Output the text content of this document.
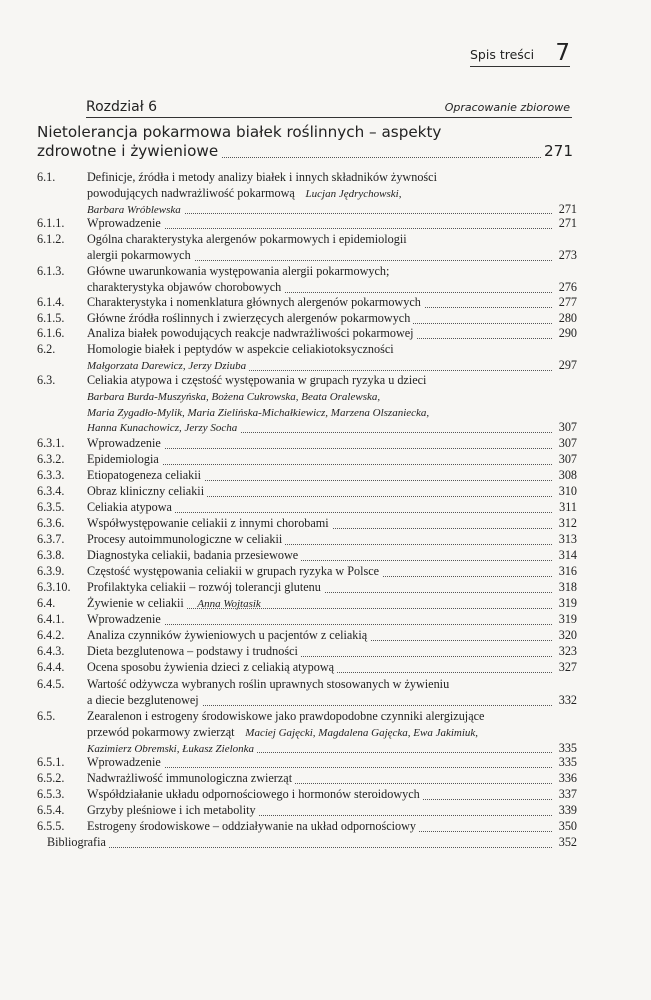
Spis treści 7
Rozdział 6	Opracowanie zbiorowe
Nietolerancja pokarmowa białek roślinnych – aspekty
zdrowotne i żywieniowe	271
6.1.	Definicje, źródła i metody analizy białek i innych składników żywności
powodujących nadwrażliwość pokarmową Lucjan Jędrychowski,
Barbara Wróblewska	271
6.1.1. Wprowadzenie	271
6.1.2. Ogólna charakterystyka alergenów pokarmowych i epidemiologii
alergii pokarmowych	273
6.1.3. Główne uwarunkowania występowania alergii pokarmowych;
charakterystyka objawów chorobowych	276
6.1.4. Charakterystyka i nomenklatura głównych alergenów pokarmowych	277
6.1.5. Główne źródła roślinnych i zwierzęcych alergenów pokarmowych	280
6.1.6. Analiza białek powodujących reakcje nadwrażliwości pokarmowej	290
6.2.	Homologie białek i peptydów w aspekcie celiakiotoksyczności
Małgorzata Darewicz, Jerzy Dziuba	297
6.3.	Celiakia atypowa i częstość występowania w grupach ryzyka u dzieci
Barbara Burda-Muszyńska, Bożena Cukrowska, Beata Oralewska,
Maria Zygadło-Mylik, Maria Zielińska-Michałkiewicz, Marzena Olszaniecka,
Hanna Kunachowicz, Jerzy Socha	307
6.3.1. Wprowadzenie	307
6.3.2. Epidemiologia	307
6.3.3. Etiopatogeneza celiakii	308
6.3.4. Obraz kliniczny celiakii	310
6.3.5. Celiakia atypowa	311
6.3.6. Współwystępowanie celiakii z innymi chorobami	312
6.3.7. Procesy autoimmunologiczne w celiakii	313
6.3.8. Diagnostyka celiakii, badania przesiewowe	314
6.3.9. Częstość występowania celiakii w grupach ryzyka w Polsce	316
6.3.10. Profilaktyka celiakii – rozwój tolerancji glutenu	318
6.4.	Żywienie w celiakii Anna Wojtasik	319
6.4.1. Wprowadzenie	319
6.4.2. Analiza czynników żywieniowych u pacjentów z celiakią	320
6.4.3. Dieta bezglutenowa – podstawy i trudności	323
6.4.4. Ocena sposobu żywienia dzieci z celiakią atypową	327
6.4.5. Wartość odżywcza wybranych roślin uprawnych stosowanych w żywieniu
a diecie bezglutenowej	332
6.5.	Zearalenon i estrogeny środowiskowe jako prawdopodobne czynniki alergizujące
przewód pokarmowy zwierząt Maciej Gajęcki, Magdalena Gajęcka, Ewa Jakimiuk,
Kazimierz Obremski, Łukasz Zielonka	335
6.5.1. Wprowadzenie	335
6.5.2. Nadwrażliwość immunologiczna zwierząt	336
6.5.3. Współdziałanie układu odpornościowego i hormonów steroidowych	337
6.5.4. Grzyby pleśniowe i ich metabolity	339
6.5.5. Estrogeny środowiskowe – oddziaływanie na układ odpornościowy	350
Bibliografia	352
